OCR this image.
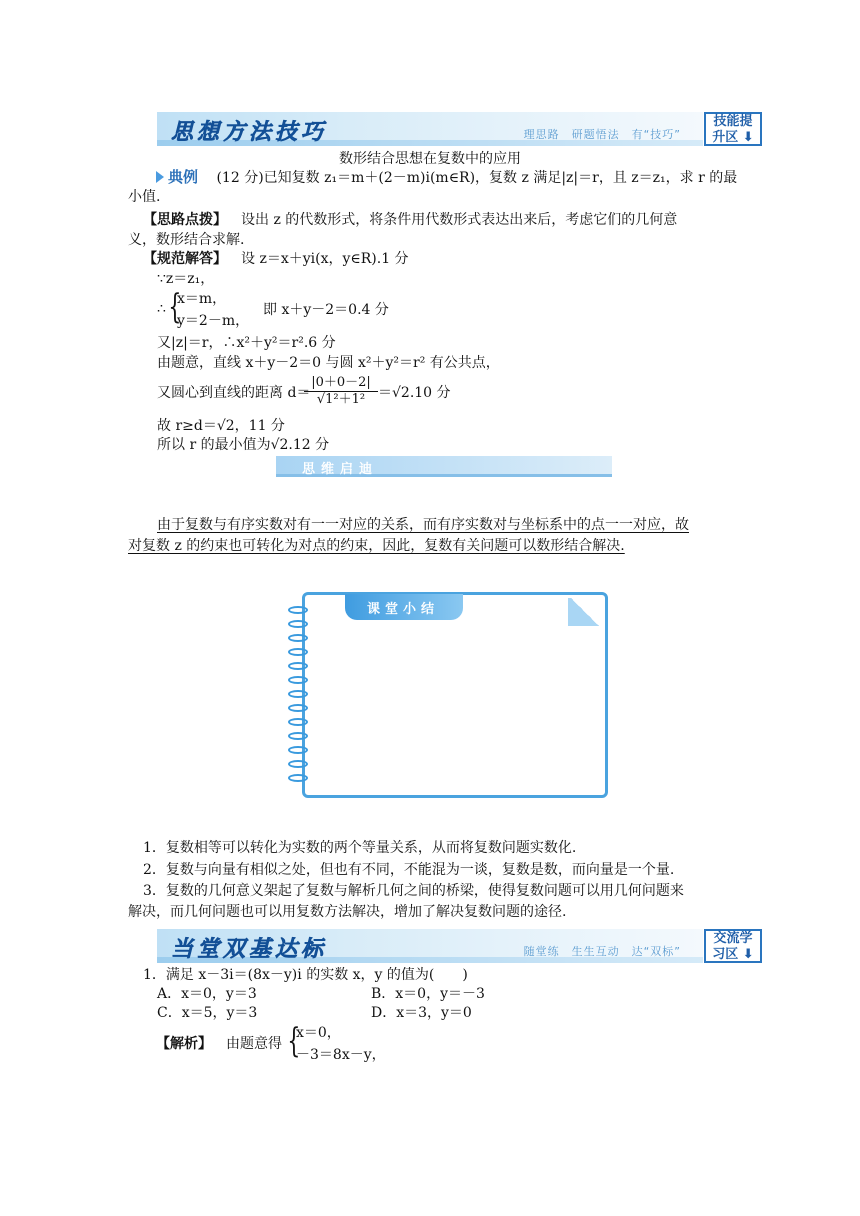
思想方法技巧	理思路　研题悟法　有“技巧”
技能提
升区 ⬇
数形结合思想在复数中的应用
典例 (12 分)已知复数 z₁＝m＋(2－m)i(m∈R)，复数 z 满足|z|＝r，且 z＝z₁，求 r 的最
小值.
【思路点拨】 设出 z 的代数形式，将条件用代数形式表达出来后，考虑它们的几何意
义，数形结合求解.
【规范解答】 设 z＝x＋yi(x，y∈R).1 分
∵z＝z₁，
∴ {
x＝m，
y＝2－m，
即 x＋y－2＝0.4 分
又|z|＝r，∴x²＋y²＝r².6 分
由题意，直线 x＋y－2＝0 与圆 x²＋y²＝r² 有公共点，
又圆心到直线的距离 d＝
$\frac{|0+0-2|}{\text{√1²＋1²}} =√2.10$ 分
故 r≥d＝√2，11 分
所以 r 的最小值为√2.12 分
思维启迪
由于复数与有序实数对有一一对应的关系，而有序实数对与坐标系中的点一一对应，故
对复数 z 的约束也可转化为对点的约束，因此，复数有关问题可以数形结合解决.
课堂小结
1．复数相等可以转化为实数的两个等量关系，从而将复数问题实数化.
2．复数与向量有相似之处，但也有不同，不能混为一谈，复数是数，而向量是一个量.
3．复数的几何意义架起了复数与解析几何之间的桥梁，使得复数问题可以用几何问题来
解决，而几何问题也可以用复数方法解决，增加了解决复数问题的途径.
当堂双基达标	随堂练　生生互动　达“双标”
交流学
习区 ⬇
1．满足 x－3i＝(8x－y)i 的实数 x，y 的值为(　　)
A．x＝0，y＝3	B．x＝0，y＝－3
C．x＝5，y＝3	D．x＝3，y＝0
【解析】 由题意得 {
x＝0，
－3＝8x－y，
